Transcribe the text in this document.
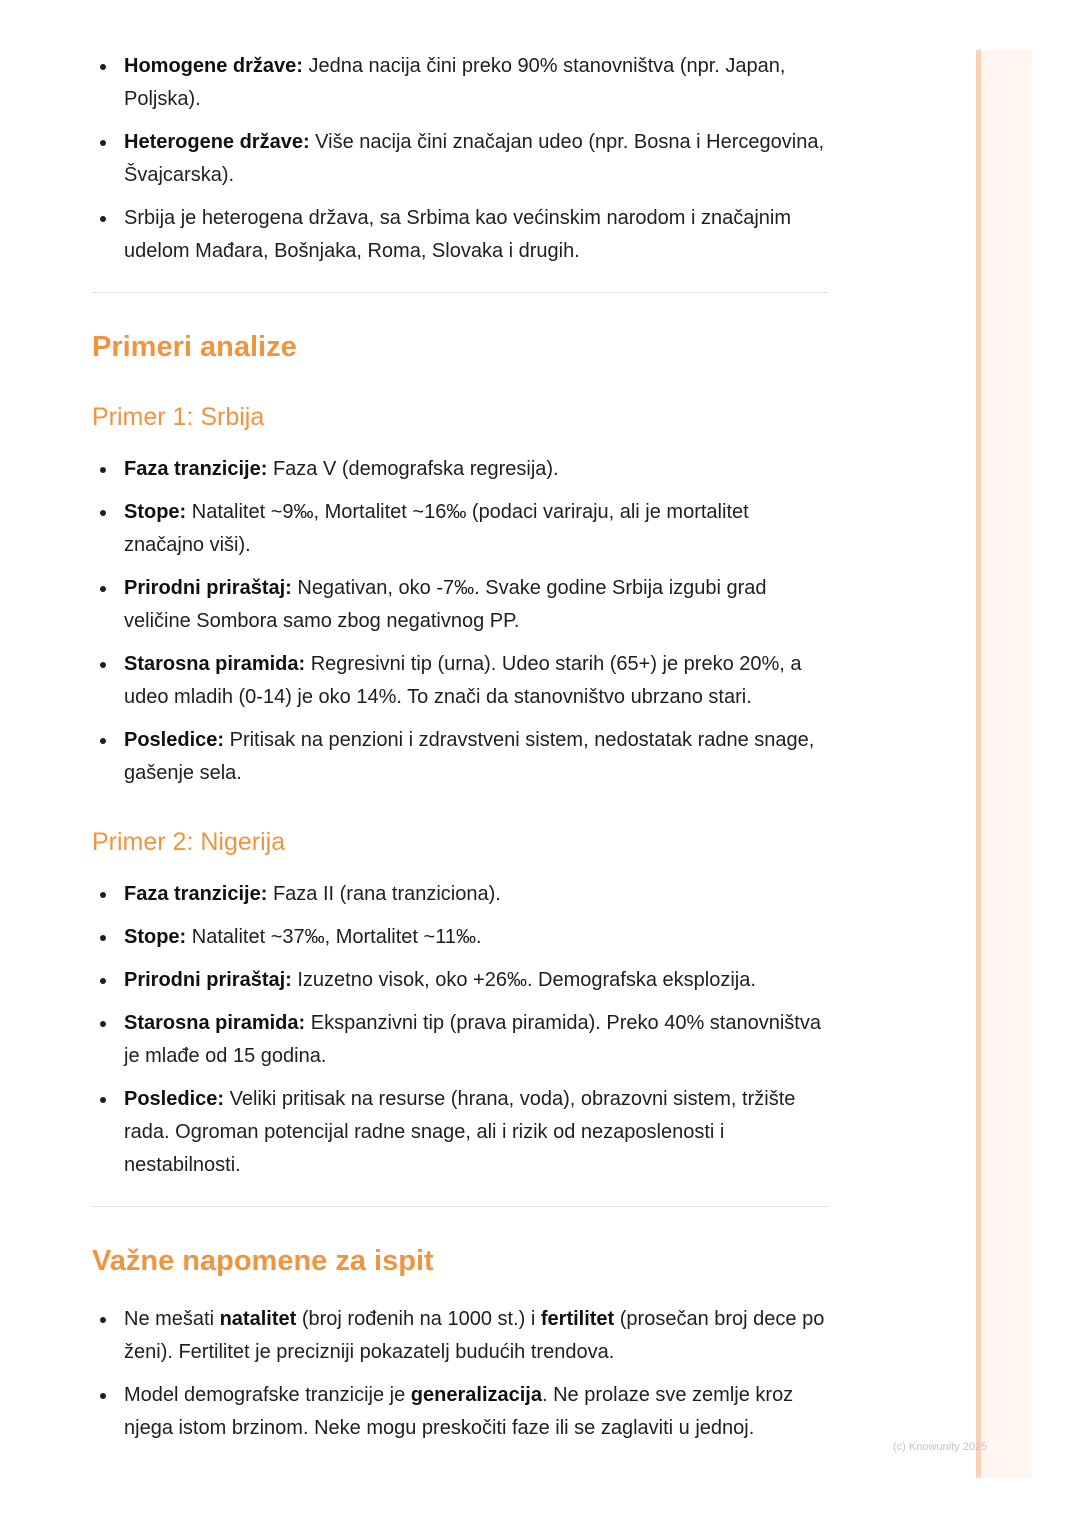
Homogene države: Jedna nacija čini preko 90% stanovništva (npr. Japan, Poljska).
Heterogene države: Više nacija čini značajan udeo (npr. Bosna i Hercegovina, Švajcarska).
Srbija je heterogena država, sa Srbima kao većinskim narodom i značajnim udelom Mađara, Bošnjaka, Roma, Slovaka i drugih.
Primeri analize
Primer 1: Srbija
Faza tranzicije: Faza V (demografska regresija).
Stope: Natalitet ~9‰, Mortalitet ~16‰ (podaci variraju, ali je mortalitet značajno viši).
Prirodni priraštaj: Negativan, oko -7‰. Svake godine Srbija izgubi grad veličine Sombora samo zbog negativnog PP.
Starosna piramida: Regresivni tip (urna). Udeo starih (65+) je preko 20%, a udeo mladih (0-14) je oko 14%. To znači da stanovništvo ubrzano stari.
Posledice: Pritisak na penzioni i zdravstveni sistem, nedostatak radne snage, gašenje sela.
Primer 2: Nigerija
Faza tranzicije: Faza II (rana tranziciona).
Stope: Natalitet ~37‰, Mortalitet ~11‰.
Prirodni priraštaj: Izuzetno visok, oko +26‰. Demografska eksplozija.
Starosna piramida: Ekspanzivni tip (prava piramida). Preko 40% stanovništva je mlađe od 15 godina.
Posledice: Veliki pritisak na resurse (hrana, voda), obrazovni sistem, tržište rada. Ogroman potencijal radne snage, ali i rizik od nezaposlenosti i nestabilnosti.
Važne napomene za ispit
Ne mešati natalitet (broj rođenih na 1000 st.) i fertilitet (prosečan broj dece po ženi). Fertilitet je precizniji pokazatelj budućih trendova.
Model demografske tranzicije je generalizacija. Ne prolaze sve zemlje kroz njega istom brzinom. Neke mogu preskočiti faze ili se zaglaviti u jednoj.
(c) Knowunity 2025
